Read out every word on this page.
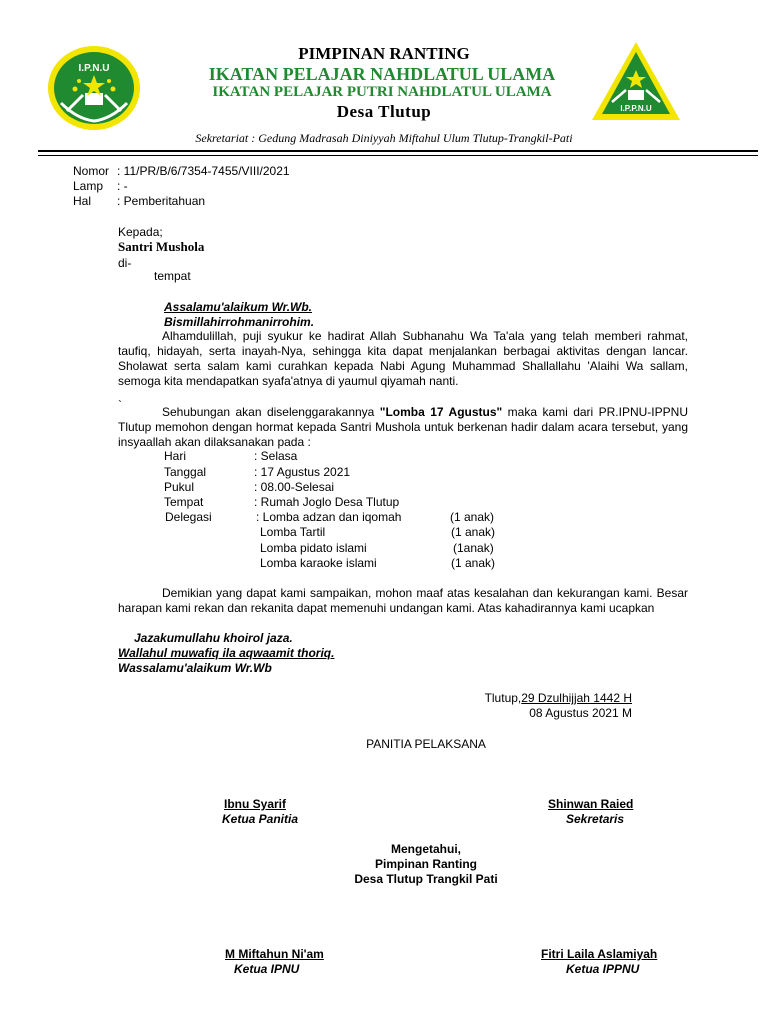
I.P.N.U
I.P.P.N.U
PIMPINAN RANTING
IKATAN PELAJAR NAHDLATUL ULAMA
IKATAN PELAJAR PUTRI NAHDLATUL ULAMA
Desa Tlutup
Sekretariat : Gedung Madrasah Diniyyah Miftahul Ulum Tlutup-Trangkil-Pati
Nomor : 11/PR/B/6/7354-7455/VIII/2021
Lamp : -
Hal : Pemberitahuan
Kepada;
Santri Mushola
di-
tempat
Assalamu'alaikum Wr.Wb.
Bismillahirrohmanirrohim.
Alhamdulillah, puji syukur ke hadirat Allah Subhanahu Wa Ta'ala yang telah memberi rahmat, taufiq, hidayah, serta inayah-Nya, sehingga kita dapat menjalankan berbagai aktivitas dengan lancar. Sholawat serta salam kami curahkan kepada Nabi Agung Muhammad Shallallahu 'Alaihi Wa sallam, semoga kita mendapatkan syafa'atnya di yaumul qiyamah nanti.
`	Sehubungan akan diselenggarakannya "Lomba 17 Agustus" maka kami dari PR.IPNU-IPPNU Tlutup memohon dengan hormat kepada Santri Mushola untuk berkenan hadir dalam acara tersebut, yang insyaallah akan dilaksanakan pada :
Hari	: Selasa
Tanggal	: 17 Agustus 2021
Pukul	: 08.00-Selesai
Tempat	: Rumah Joglo Desa Tlutup
Delegasi	: Lomba adzan dan iqomah	(1 anak)
Lomba Tartil	(1 anak)
Lomba pidato islami	(1anak)
Lomba karaoke islami	(1 anak)
Demikian yang dapat kami sampaikan, mohon maaf atas kesalahan dan kekurangan kami. Besar harapan kami rekan dan rekanita dapat memenuhi undangan kami. Atas kahadirannya kami ucapkan
Jazakumullahu khoirol jaza.
Wallahul muwafiq ila aqwaamit thoriq.
Wassalamu'alaikum Wr.Wb
Tlutup,29 Dzulhijjah 1442 H
08 Agustus 2021 M
PANITIA PELAKSANA
Ibnu Syarif
Ketua Panitia
Shinwan Raied
Sekretaris
Mengetahui,
Pimpinan Ranting
Desa Tlutup Trangkil Pati
M Miftahun Ni'am
Ketua IPNU
Fitri Laila Aslamiyah
Ketua IPPNU
